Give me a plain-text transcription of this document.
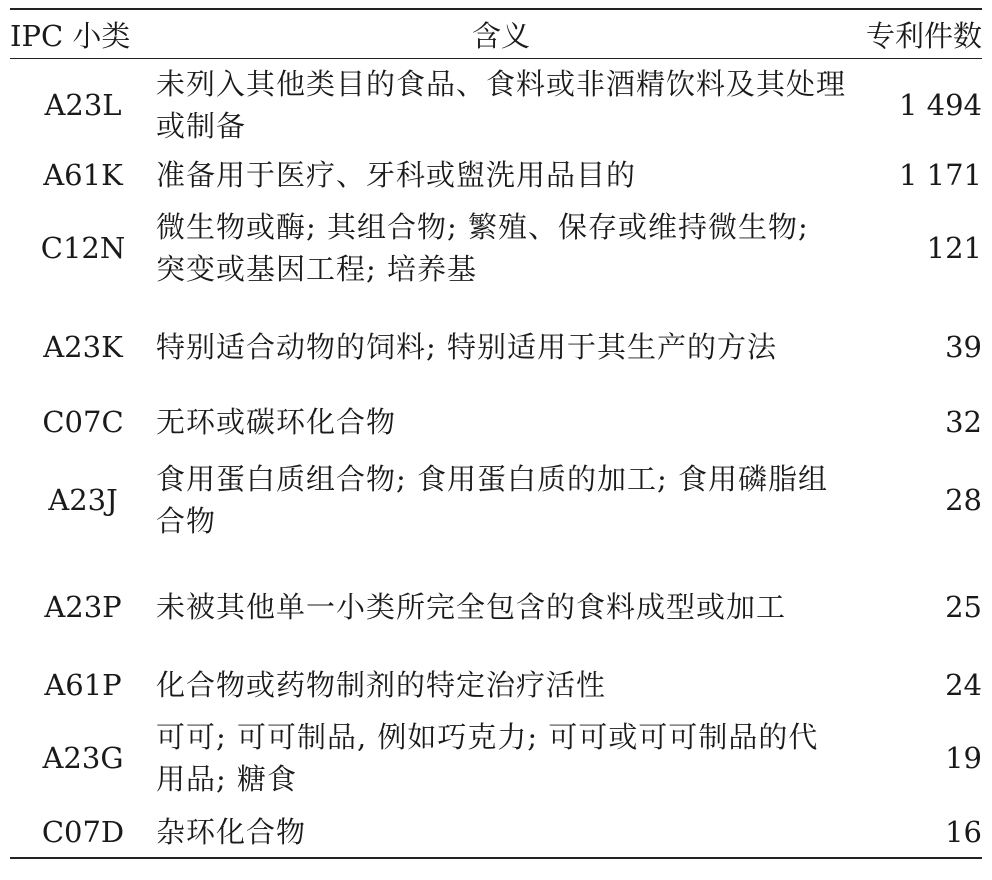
IPC 小类	含义	专利件数
A23L	未列入其他类目的食品、食料或非酒精饮料及其处理或制备	1 494
A61K	准备用于医疗、牙科或盥洗用品目的	1 171
C12N	微生物或酶; 其组合物; 繁殖、保存或维持微生物; 突变或基因工程; 培养基	121
A23K	特别适合动物的饲料; 特别适用于其生产的方法	39
C07C	无环或碳环化合物	32
A23J	食用蛋白质组合物; 食用蛋白质的加工; 食用磷脂组合物	28
A23P	未被其他单一小类所完全包含的食料成型或加工	25
A61P	化合物或药物制剂的特定治疗活性	24
A23G	可可; 可可制品, 例如巧克力; 可可或可可制品的代用品; 糖食	19
C07D	杂环化合物	16
